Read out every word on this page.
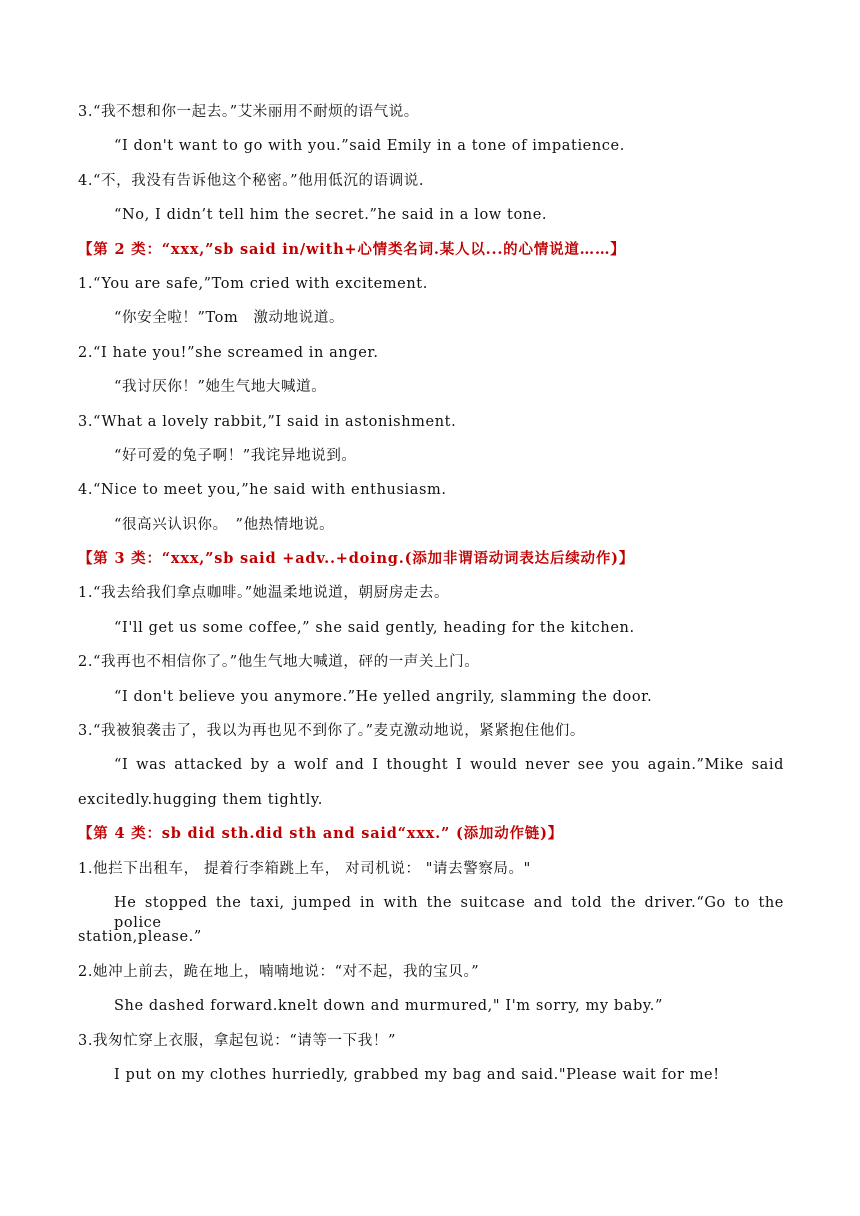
3.“我不想和你一起去。”艾米丽用不耐烦的语气说。
“I don't want to go with you.”said Emily in a tone of impatience.
4.“不，我没有告诉他这个秘密。”他用低沉的语调说.
“No, I didn’t tell him the secret.”he said in a low tone.
【第 2 类：“xxx,”sb said in/with+心情类名词.某人以...的心情说道……】
1.“You are safe,”Tom cried with excitement.
“你安全啦！”Tom　激动地说道。
2.“I hate you!”she screamed in anger.
“我讨厌你！”她生气地大喊道。
3.“What a lovely rabbit,”I said in astonishment.
“好可爱的兔子啊！”我诧异地说到。
4.“Nice to meet you,”he said with enthusiasm.
“很高兴认识你。　”他热情地说。
【第 3 类：“xxx,”sb said +adv..+doing.(添加非谓语动词表达后续动作)】
1.“我去给我们拿点咖啡。”她温柔地说道，朝厨房走去。
“I'll get us some coffee,” she said gently, heading for the kitchen.
2.“我再也不相信你了。”他生气地大喊道，砰的一声关上门。
“I don't believe you anymore.”He yelled angrily, slamming the door.
3.“我被狼袭击了，我以为再也见不到你了。”麦克激动地说，紧紧抱住他们。
“I was attacked by a wolf and I thought I would never see you again.”Mike said
excitedly.hugging them tightly.
【第 4 类：sb did sth.did sth and said“xxx.” (添加动作链)】
1.他拦下出租车， 提着行李箱跳上车， 对司机说： "请去警察局。"
He stopped the taxi, jumped in with the suitcase and told the driver.“Go to the police
station,please.”
2.她冲上前去，跪在地上，喃喃地说：“对不起，我的宝贝。”
She dashed forward.knelt down and murmured," I'm sorry, my baby.”
3.我匆忙穿上衣服，拿起包说：“请等一下我！”
I put on my clothes hurriedly, grabbed my bag and said."Please wait for me!
